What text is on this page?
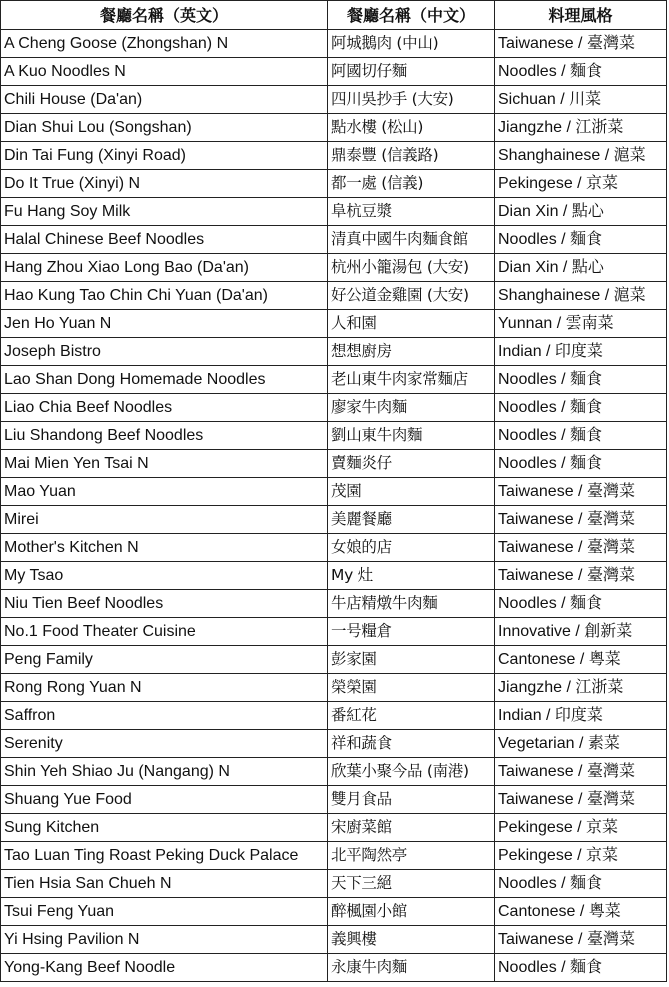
餐廳名稱（英文）	餐廳名稱（中文）	料理風格
A Cheng Goose (Zhongshan) N	阿城鵝肉 (中山)	Taiwanese / 臺灣菜
A Kuo Noodles N	阿國切仔麵	Noodles / 麵食
Chili House (Da'an)	四川吳抄手 (大安)	Sichuan / 川菜
Dian Shui Lou (Songshan)	點水樓 (松山)	Jiangzhe / 江浙菜
Din Tai Fung (Xinyi Road)	鼎泰豐 (信義路)	Shanghainese / 滬菜
Do It True (Xinyi) N	都一處 (信義)	Pekingese / 京菜
Fu Hang Soy Milk	阜杭豆漿	Dian Xin / 點心
Halal Chinese Beef Noodles	清真中國牛肉麵食館	Noodles / 麵食
Hang Zhou Xiao Long Bao (Da'an)	杭州小籠湯包 (大安)	Dian Xin / 點心
Hao Kung Tao Chin Chi Yuan (Da'an)	好公道金雞園 (大安)	Shanghainese / 滬菜
Jen Ho Yuan N	人和園	Yunnan / 雲南菜
Joseph Bistro	想想廚房	Indian / 印度菜
Lao Shan Dong Homemade Noodles	老山東牛肉家常麵店	Noodles / 麵食
Liao Chia Beef Noodles	廖家牛肉麵	Noodles / 麵食
Liu Shandong Beef Noodles	劉山東牛肉麵	Noodles / 麵食
Mai Mien Yen Tsai N	賣麵炎仔	Noodles / 麵食
Mao Yuan	茂園	Taiwanese / 臺灣菜
Mirei	美麗餐廳	Taiwanese / 臺灣菜
Mother's Kitchen N	女娘的店	Taiwanese / 臺灣菜
My Tsao	My 灶	Taiwanese / 臺灣菜
Niu Tien Beef Noodles	牛店精燉牛肉麵	Noodles / 麵食
No.1 Food Theater Cuisine	一号糧倉	Innovative / 創新菜
Peng Family	彭家園	Cantonese / 粵菜
Rong Rong Yuan N	榮榮園	Jiangzhe / 江浙菜
Saffron	番紅花	Indian / 印度菜
Serenity	祥和蔬食	Vegetarian / 素菜
Shin Yeh Shiao Ju (Nangang) N	欣葉小聚今品 (南港)	Taiwanese / 臺灣菜
Shuang Yue Food	雙月食品	Taiwanese / 臺灣菜
Sung Kitchen	宋廚菜館	Pekingese / 京菜
Tao Luan Ting Roast Peking Duck Palace	北平陶然亭	Pekingese / 京菜
Tien Hsia San Chueh N	天下三絕	Noodles / 麵食
Tsui Feng Yuan	醉楓園小館	Cantonese / 粵菜
Yi Hsing Pavilion N	義興樓	Taiwanese / 臺灣菜
Yong-Kang Beef Noodle	永康牛肉麵	Noodles / 麵食
